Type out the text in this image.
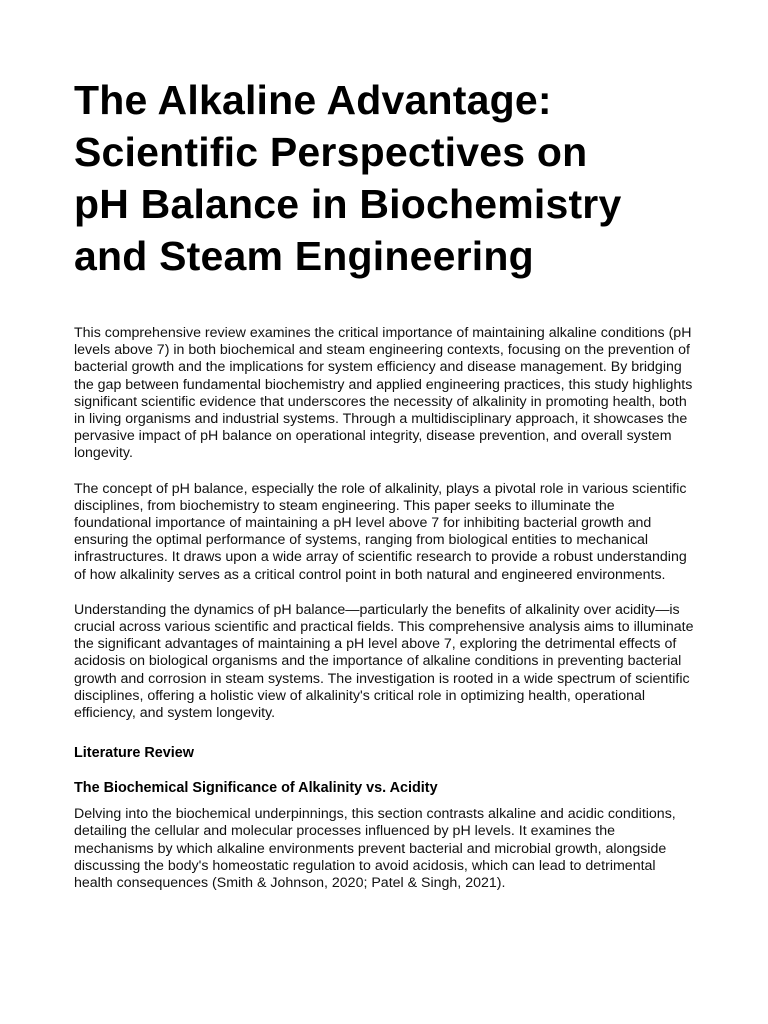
The Alkaline Advantage:
Scientific Perspectives on
pH Balance in Biochemistry
and Steam Engineering

This comprehensive review examines the critical importance of maintaining alkaline conditions (pH levels above 7) in both biochemical and steam engineering contexts, focusing on the prevention of bacterial growth and the implications for system efficiency and disease management. By bridging the gap between fundamental biochemistry and applied engineering practices, this study highlights significant scientific evidence that underscores the necessity of alkalinity in promoting health, both in living organisms and industrial systems. Through a multidisciplinary approach, it showcases the pervasive impact of pH balance on operational integrity, disease prevention, and overall system longevity.

The concept of pH balance, especially the role of alkalinity, plays a pivotal role in various scientific disciplines, from biochemistry to steam engineering. This paper seeks to illuminate the foundational importance of maintaining a pH level above 7 for inhibiting bacterial growth and ensuring the optimal performance of systems, ranging from biological entities to mechanical infrastructures. It draws upon a wide array of scientific research to provide a robust understanding of how alkalinity serves as a critical control point in both natural and engineered environments.

Understanding the dynamics of pH balance—particularly the benefits of alkalinity over acidity—is crucial across various scientific and practical fields. This comprehensive analysis aims to illuminate the significant advantages of maintaining a pH level above 7, exploring the detrimental effects of acidosis on biological organisms and the importance of alkaline conditions in preventing bacterial growth and corrosion in steam systems. The investigation is rooted in a wide spectrum of scientific disciplines, offering a holistic view of alkalinity's critical role in optimizing health, operational efficiency, and system longevity.

Literature Review
The Biochemical Significance of Alkalinity vs. Acidity

Delving into the biochemical underpinnings, this section contrasts alkaline and acidic conditions, detailing the cellular and molecular processes influenced by pH levels. It examines the mechanisms by which alkaline environments prevent bacterial and microbial growth, alongside discussing the body's homeostatic regulation to avoid acidosis, which can lead to detrimental health consequences (Smith & Johnson, 2020; Patel & Singh, 2021).
